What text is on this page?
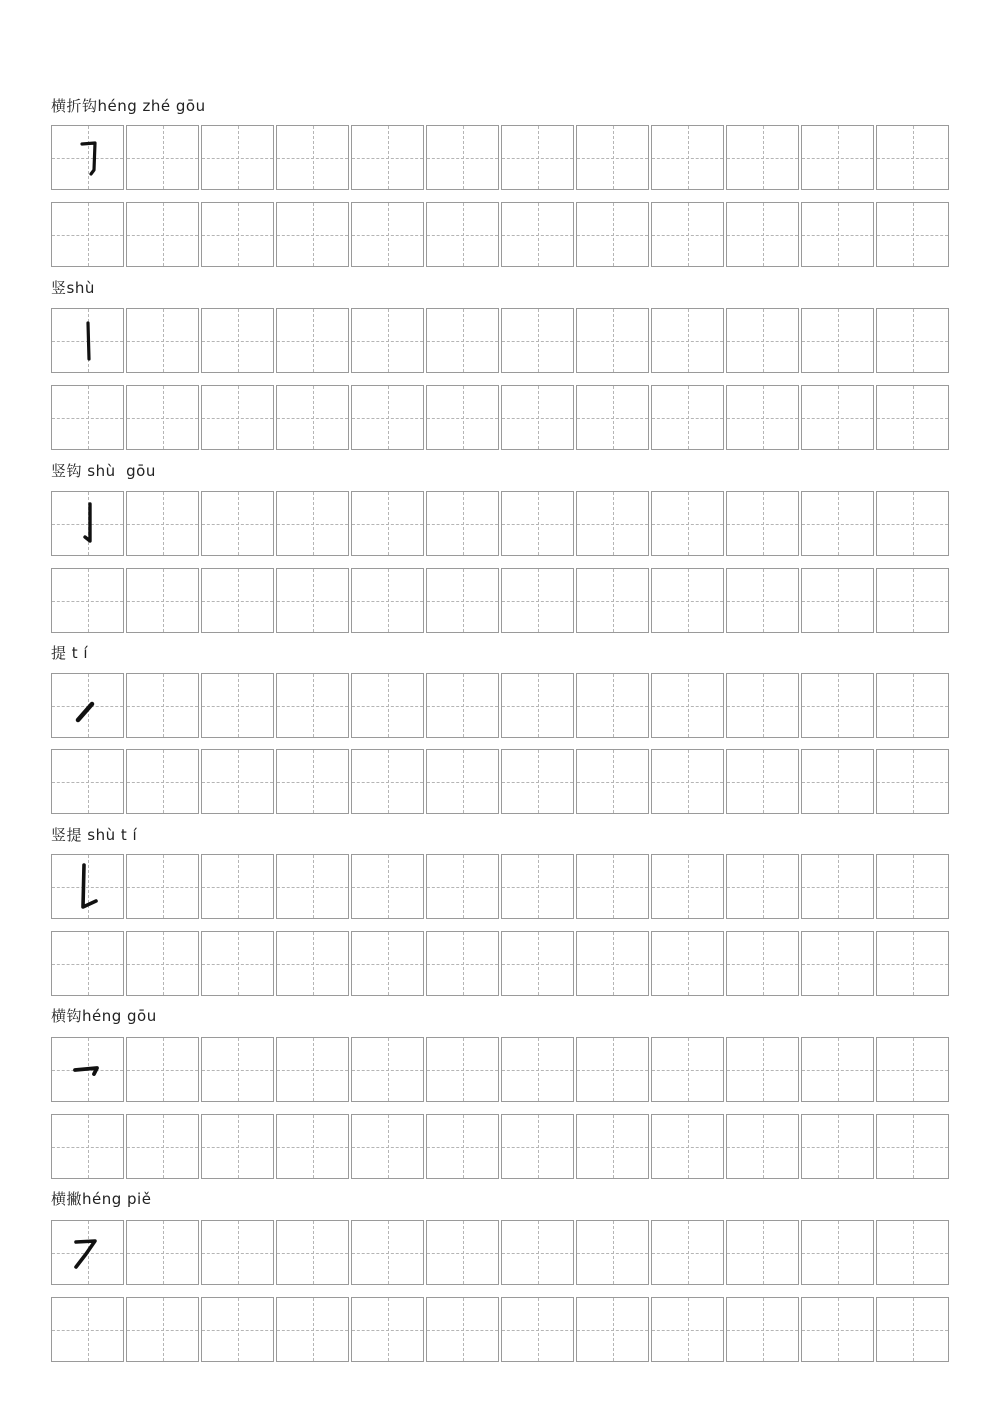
横折钩héng zhé gōu
竖shù
竖钩 shù  gōu
提 t í
竖提 shù t í
横钩héng gōu
横撇héng piě
